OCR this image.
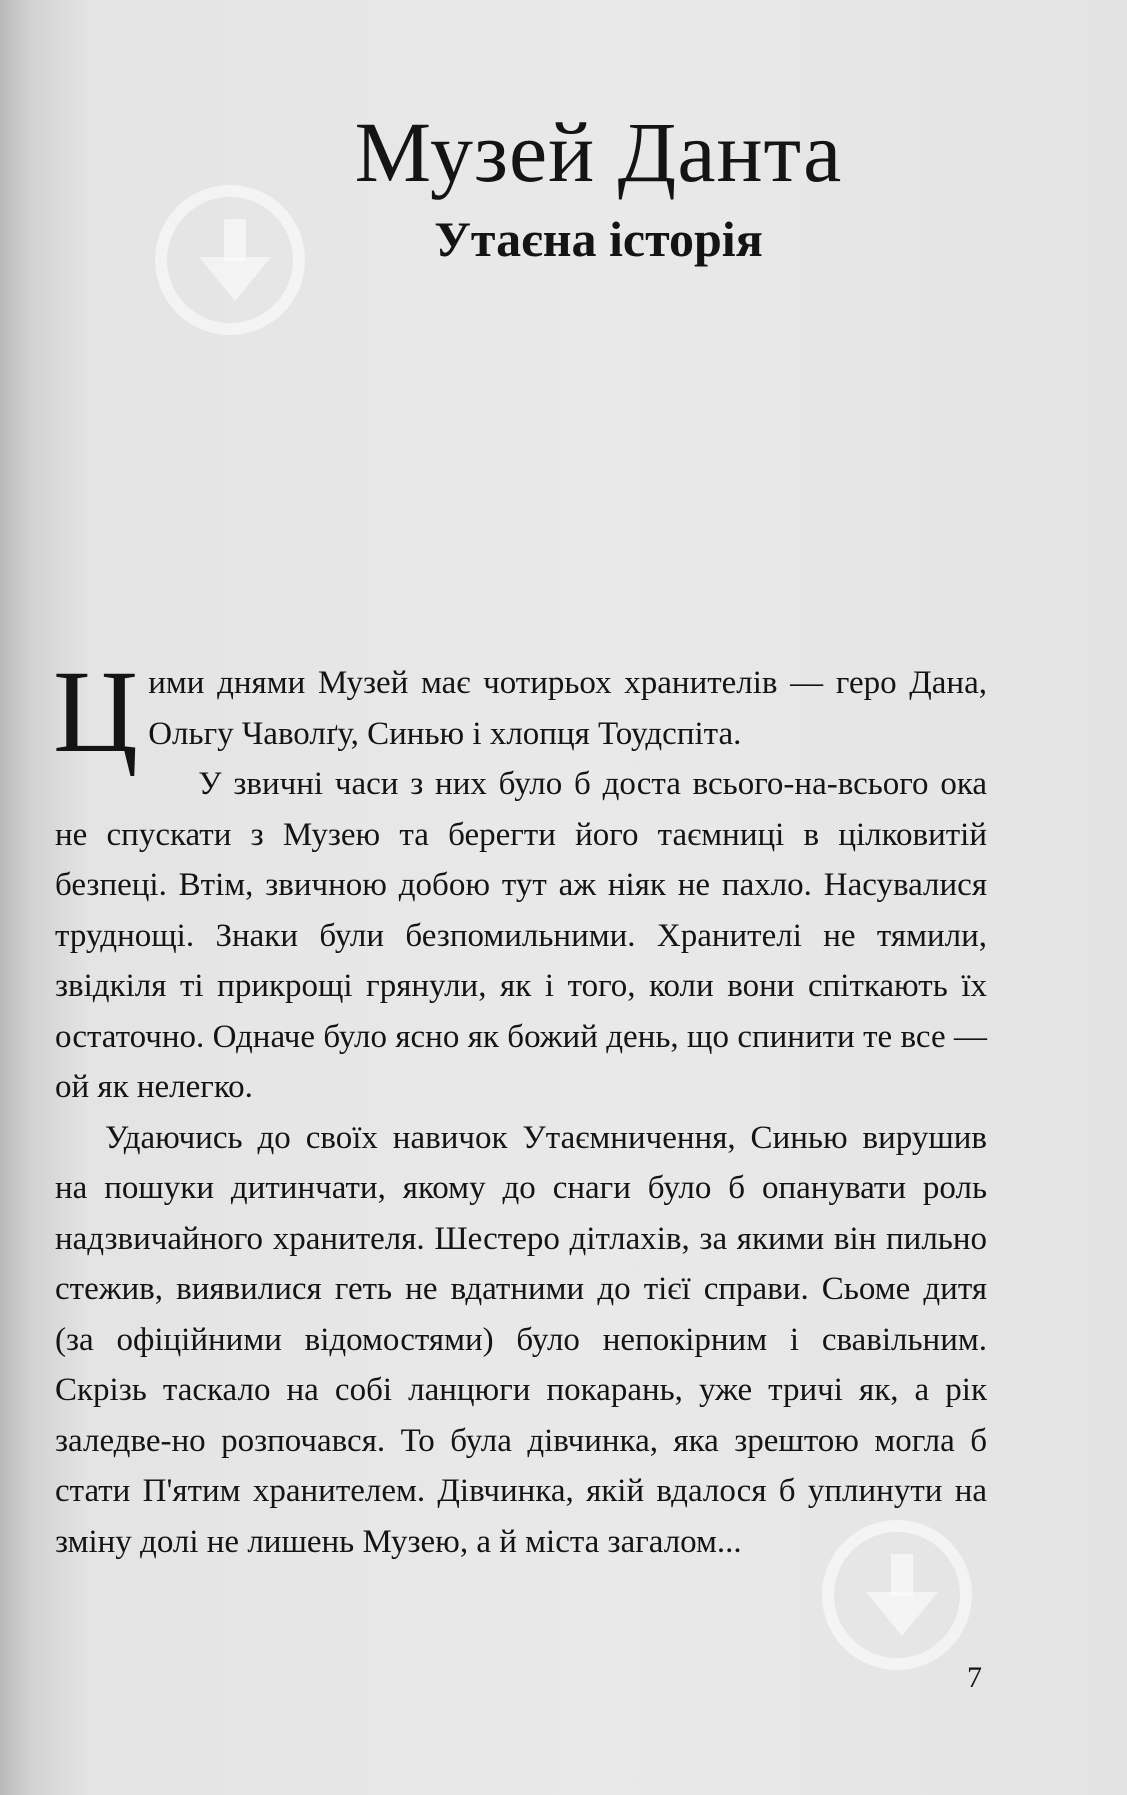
Музей Данта
Утаєна історія

Цими днями Музей має чотирьох хранителів — геро Дана, Ольгу Чаволґу, Синью і хлопця Тоудспіта.

У звичні часи з них було б доста всього-на-всього ока не спускати з Музею та берегти його таємниці в цілковитій безпеці. Втім, звичною добою тут аж ніяк не пахло. Насувалися труднощі. Знаки були безпомильними. Хранителі не тямили, звідкіля ті прикрощі грянули, як і того, коли вони спіткають їх остаточно. Одначе було ясно як божий день, що спинити те все — ой як нелегко.

Удаючись до своїх навичок Утаємничення, Синью вирушив на пошуки дитинчати, якому до снаги було б опанувати роль надзвичайного хранителя. Шестеро дітлахів, за якими він пильно стежив, виявилися геть не вдатними до тієї справи. Сьоме дитя (за офіційними відомостями) було непокірним і свавільним. Скрізь таскало на собі ланцюги покарань, уже тричі як, а рік заледве-но розпочався. То була дівчинка, яка зрештою могла б стати П'ятим хранителем. Дівчинка, якій вдалося б уплинути на зміну долі не лишень Музею, а й міста загалом...

7
